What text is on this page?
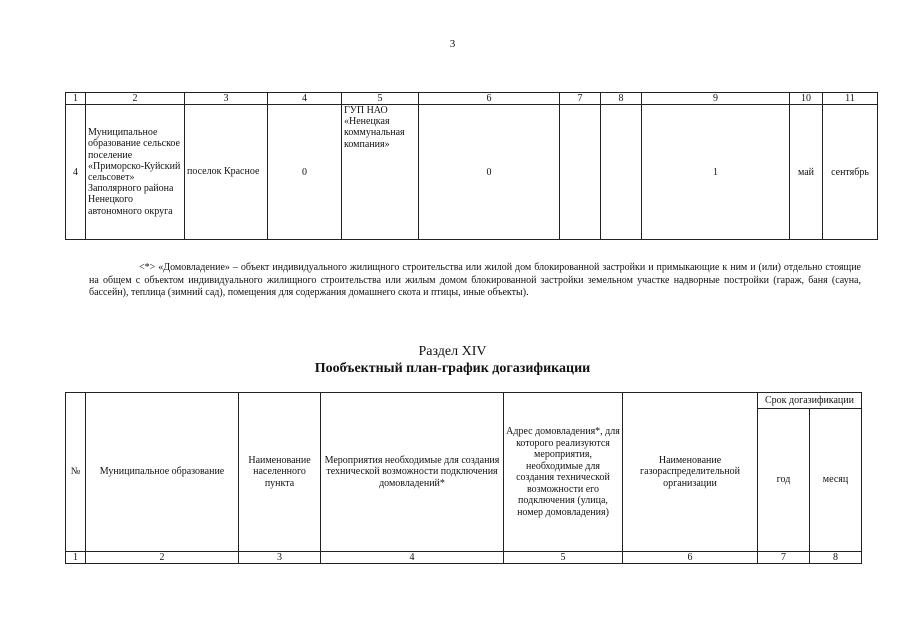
3
1	2	3	4	5	6	7	8	9	10	11
4	Муниципальное образование сельское поселение «Приморско-Куйский сельсовет» Заполярного района Ненецкого автономного округа	поселок Красное	0	ГУП НАО «Ненецкая коммунальная компания»	0			1	май	сентябрь

<*> «Домовладение» – объект индивидуального жилищного строительства или жилой дом блокированной застройки и примыкающие к ним и (или) отдельно стоящие на общем с объектом индивидуального жилищного строительства или жилым домом блокированной застройки земельном участке надворные постройки (гараж, баня (сауна, бассейн), теплица (зимний сад), помещения для содержания домашнего скота и птицы, иные объекты).

Раздел XIV
Пообъектный план-график догазификации
№	Муниципальное образование	Наименование населенного пункта	Мероприятия необходимые для создания технической возможности подключения домовладений*	Адрес домовладения*, для которого реализуются мероприятия, необходимые для создания технической возможности его подключения (улица, номер домовладения)	Наименование газораспределительной организации	Срок догазификации	
						год	месяц
1	2	3	4	5	6	7	8
